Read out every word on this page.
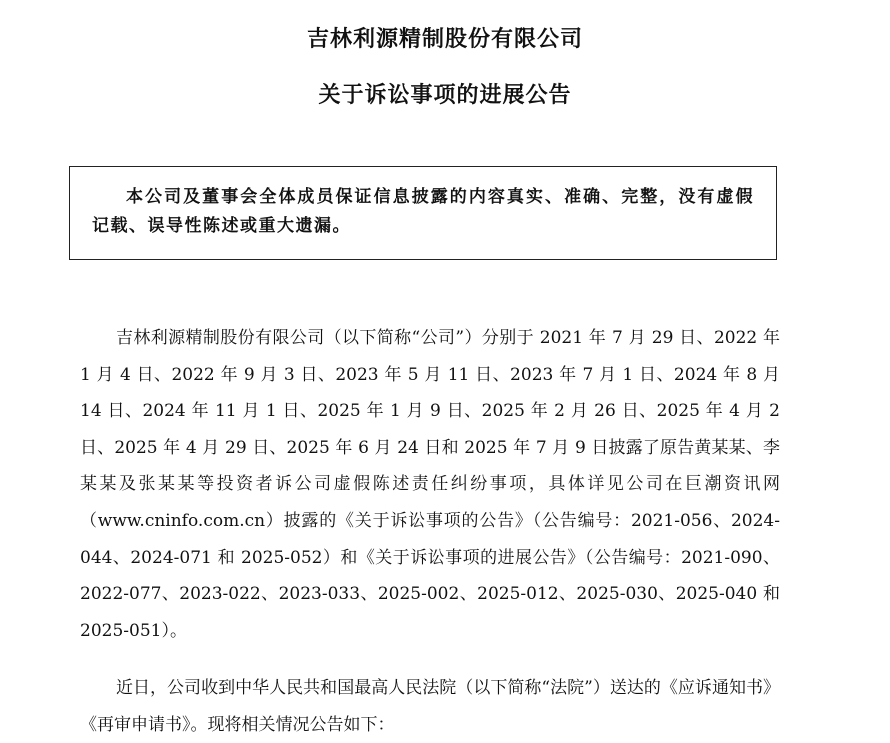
吉林利源精制股份有限公司
关于诉讼事项的进展公告
本公司及董事会全体成员保证信息披露的内容真实、准确、完整，没有虚假记载、误导性陈述或重大遗漏。

吉林利源精制股份有限公司（以下简称“公司”）分别于 2021 年 7 月 29 日、2022 年 1 月 4 日、2022 年 9 月 3 日、2023 年 5 月 11 日、2023 年 7 月 1 日、2024 年 8 月 14 日、2024 年 11 月 1 日、2025 年 1 月 9 日、2025 年 2 月 26 日、2025 年 4 月 2 日、2025 年 4 月 29 日、2025 年 6 月 24 日和 2025 年 7 月 9 日披露了原告黄某某、李某某及张某某等投资者诉公司虚假陈述责任纠纷事项，具体详见公司在巨潮资讯网（www.cninfo.com.cn）披露的《关于诉讼事项的公告》（公告编号：2021-056、2024-044、2024-071 和 2025-052）和《关于诉讼事项的进展公告》（公告编号：2021-090、2022-077、2023-022、2023-033、2025-002、2025-012、2025-030、2025-040 和 2025-051）。

近日，公司收到中华人民共和国最高人民法院（以下简称“法院”）送达的《应诉通知书》《再审申请书》。现将相关情况公告如下：
